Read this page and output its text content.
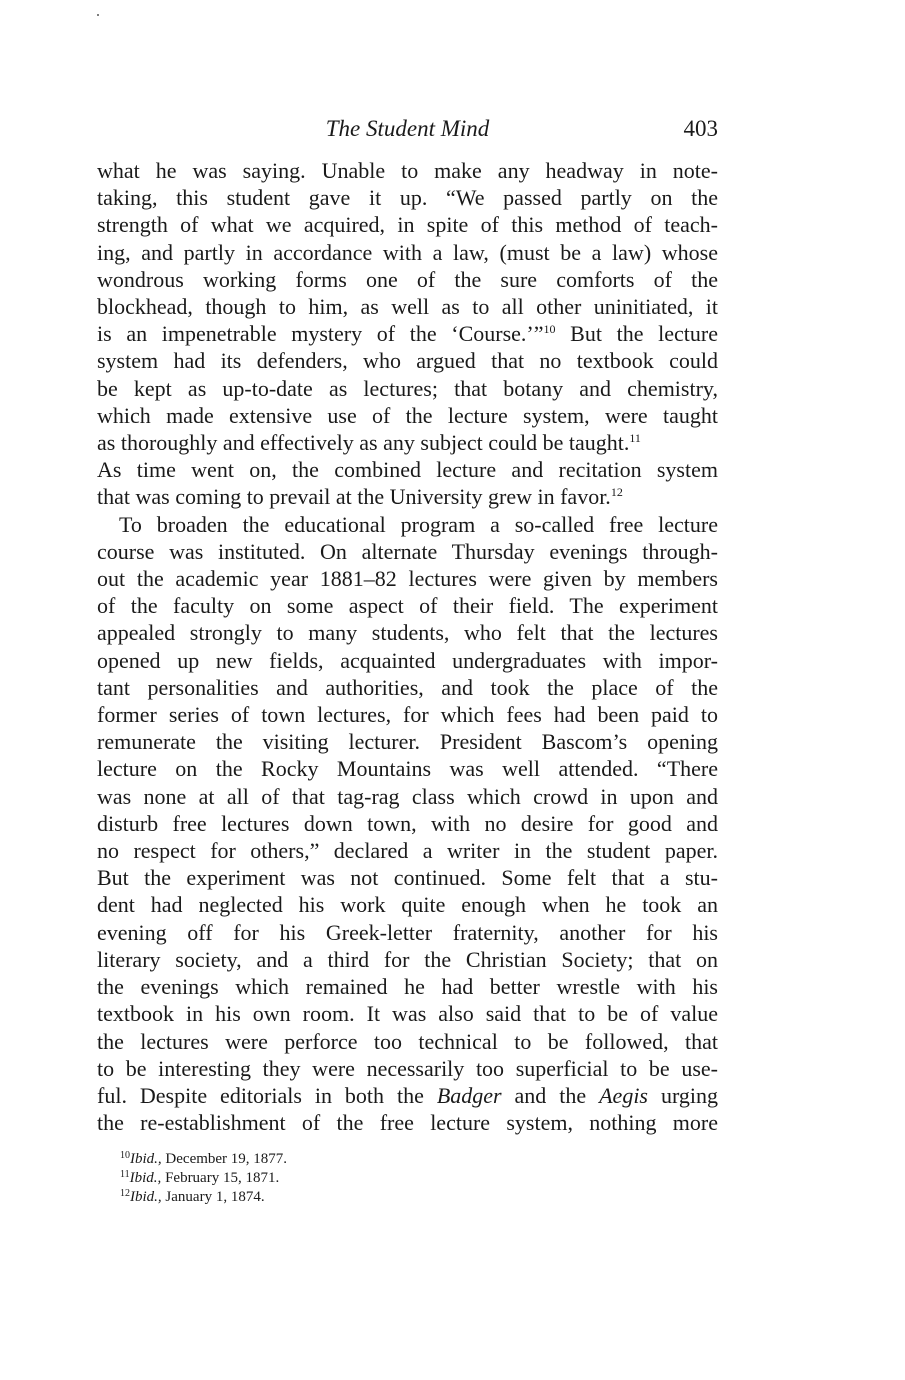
The Student Mind	403

what he was saying. Unable to make any headway in note-
taking, this student gave it up. “We passed partly on the
strength of what we acquired, in spite of this method of teach-
ing, and partly in accordance with a law, (must be a law) whose
wondrous working forms one of the sure comforts of the
blockhead, though to him, as well as to all other uninitiated, it
is an impenetrable mystery of the ‘Course.’”$^{10}$ But the lecture
system had its defenders, who argued that no textbook could
be kept as up-to-date as lectures; that botany and chemistry,
which made extensive use of the lecture system, were taught
as thoroughly and effectively as any subject could be taught.$^{11}$
As time went on, the combined lecture and recitation system
that was coming to prevail at the University grew in favor.$^{12}$

To broaden the educational program a so-called free lecture
course was instituted. On alternate Thursday evenings through-
out the academic year 1881–82 lectures were given by members
of the faculty on some aspect of their field. The experiment
appealed strongly to many students, who felt that the lectures
opened up new fields, acquainted undergraduates with impor-
tant personalities and authorities, and took the place of the
former series of town lectures, for which fees had been paid to
remunerate the visiting lecturer. President Bascom’s opening
lecture on the Rocky Mountains was well attended. “There
was none at all of that tag-rag class which crowd in upon and
disturb free lectures down town, with no desire for good and
no respect for others,” declared a writer in the student paper.
But the experiment was not continued. Some felt that a stu-
dent had neglected his work quite enough when he took an
evening off for his Greek-letter fraternity, another for his
literary society, and a third for the Christian Society; that on
the evenings which remained he had better wrestle with his
textbook in his own room. It was also said that to be of value
the lectures were perforce too technical to be followed, that
to be interesting they were necessarily too superficial to be use-
ful. Despite editorials in both the Badger and the Aegis urging
the re-establishment of the free lecture system, nothing more

$^{10}$Ibid., December 19, 1877.
$^{11}$Ibid., February 15, 1871.
$^{12}$Ibid., January 1, 1874.
